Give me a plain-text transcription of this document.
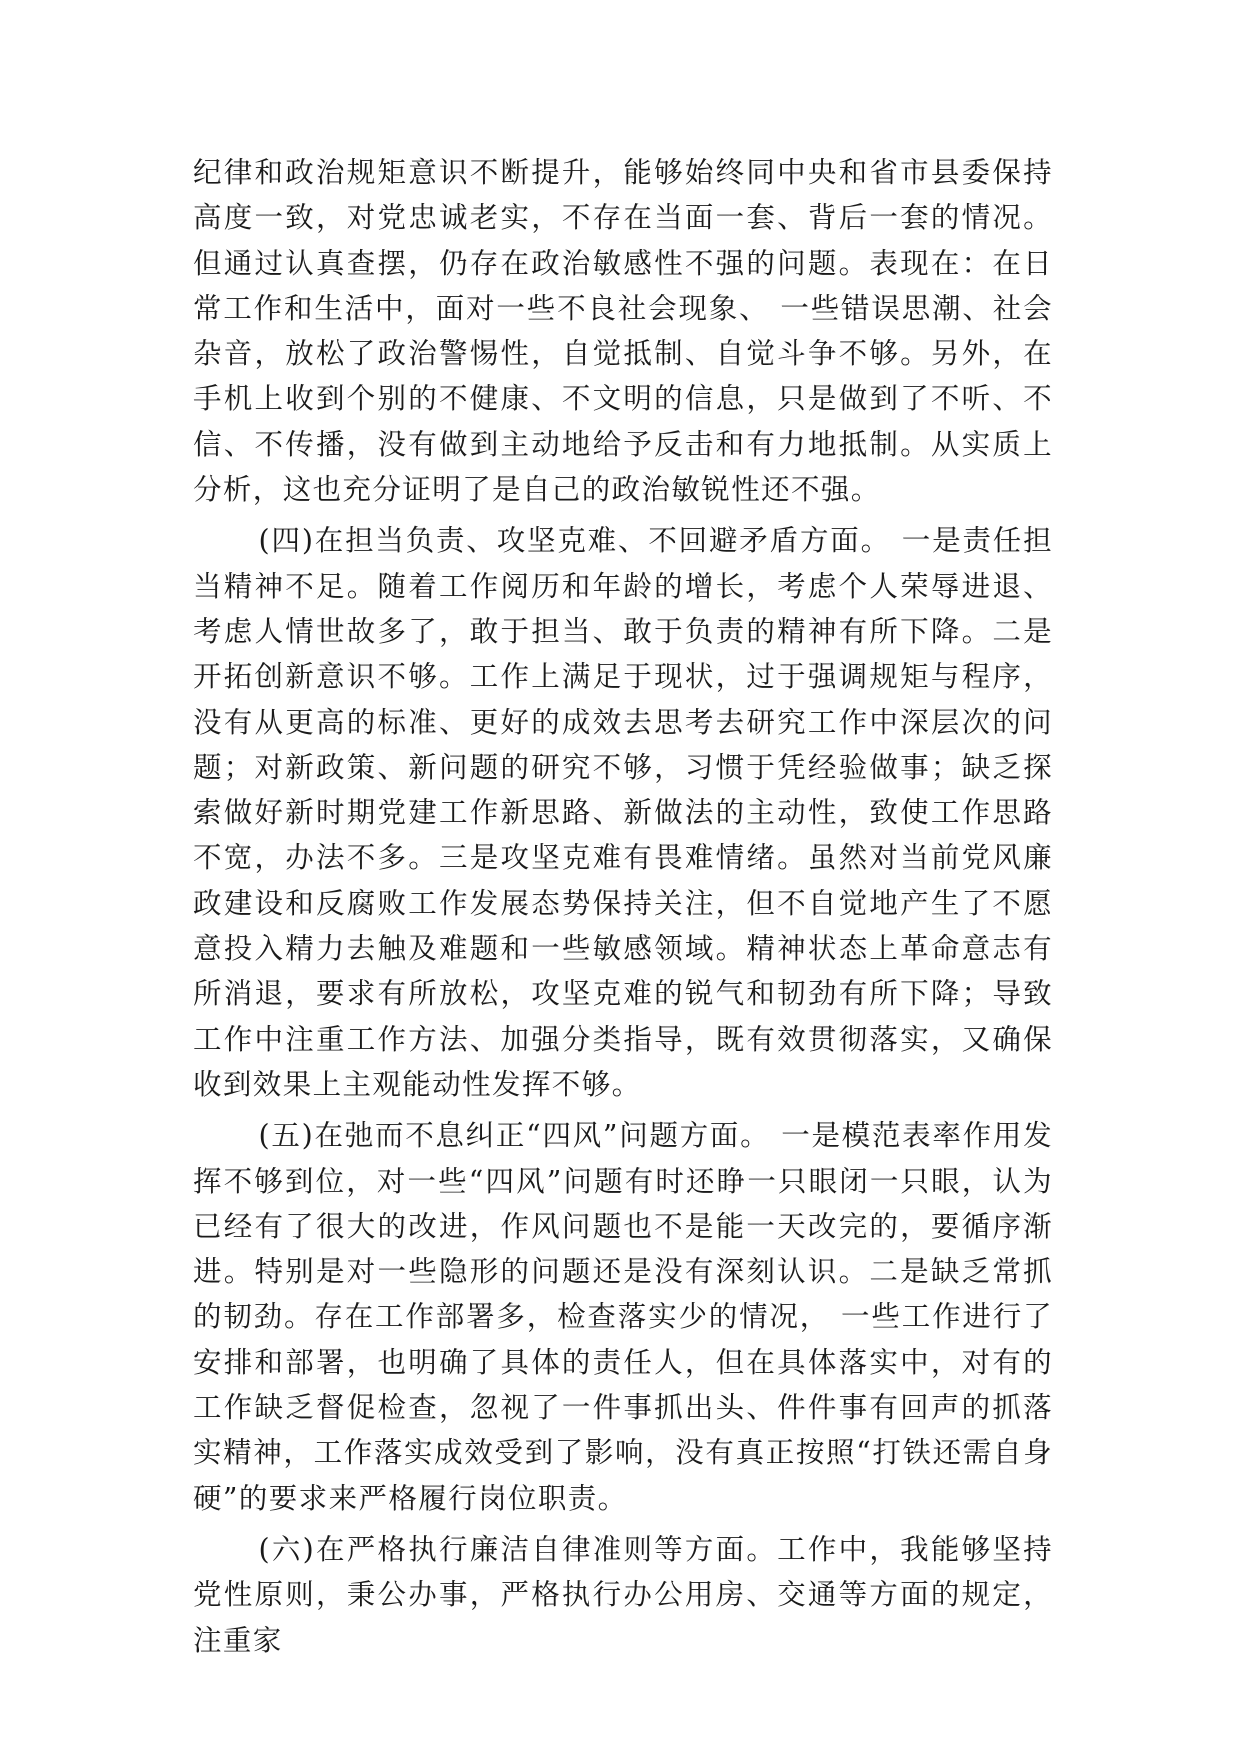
纪律和政治规矩意识不断提升，能够始终同中央和省市县委保持高度一致，对党忠诚老实，不存在当面一套、背后一套的情况。但通过认真查摆，仍存在政治敏感性不强的问题。表现在：在日常工作和生活中，面对一些不良社会现象、 一些错误思潮、社会杂音，放松了政治警惕性，自觉抵制、自觉斗争不够。另外，在手机上收到个别的不健康、不文明的信息，只是做到了不听、不信、不传播，没有做到主动地给予反击和有力地抵制。从实质上分析，这也充分证明了是自己的政治敏锐性还不强。

(四)在担当负责、攻坚克难、不回避矛盾方面。 一是责任担当精神不足。随着工作阅历和年龄的增长，考虑个人荣辱进退、考虑人情世故多了，敢于担当、敢于负责的精神有所下降。二是开拓创新意识不够。工作上满足于现状，过于强调规矩与程序，没有从更高的标准、更好的成效去思考去研究工作中深层次的问题；对新政策、新问题的研究不够，习惯于凭经验做事；缺乏探索做好新时期党建工作新思路、新做法的主动性，致使工作思路不宽，办法不多。三是攻坚克难有畏难情绪。虽然对当前党风廉政建设和反腐败工作发展态势保持关注，但不自觉地产生了不愿意投入精力去触及难题和一些敏感领域。精神状态上革命意志有所消退，要求有所放松，攻坚克难的锐气和韧劲有所下降；导致工作中注重工作方法、加强分类指导，既有效贯彻落实，又确保收到效果上主观能动性发挥不够。

(五)在弛而不息纠正“四风”问题方面。 一是模范表率作用发挥不够到位，对一些“四风”问题有时还睁一只眼闭一只眼，认为已经有了很大的改进，作风问题也不是能一天改完的，要循序渐进。特别是对一些隐形的问题还是没有深刻认识。二是缺乏常抓的韧劲。存在工作部署多，检查落实少的情况， 一些工作进行了安排和部署，也明确了具体的责任人，但在具体落实中，对有的工作缺乏督促检查，忽视了一件事抓出头、件件事有回声的抓落实精神，工作落实成效受到了影响，没有真正按照“打铁还需自身硬”的要求来严格履行岗位职责。

(六)在严格执行廉洁自律准则等方面。工作中，我能够坚持党性原则，秉公办事，严格执行办公用房、交通等方面的规定，注重家
